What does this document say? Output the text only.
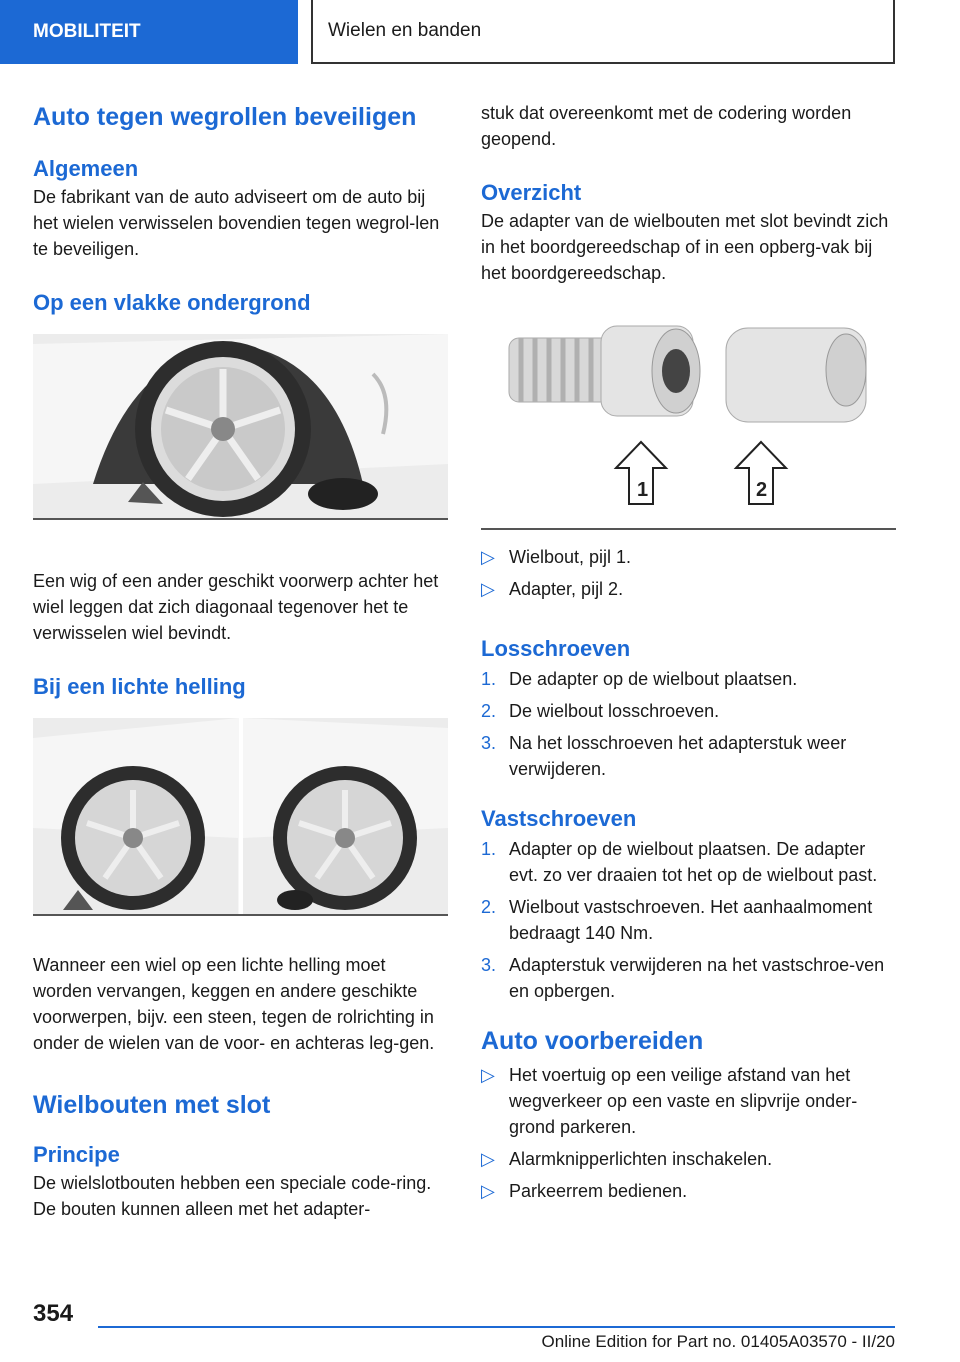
MOBILITEIT	Wielen en banden
Auto tegen wegrollen beveiligen
Algemeen

De fabrikant van de auto adviseert om de auto bij het wielen verwisselen bovendien tegen wegrol‐len te beveiligen.

Op een vlakke ondergrond

Een wig of een ander geschikt voorwerp achter het wiel leggen dat zich diagonaal tegenover het te verwisselen wiel bevindt.

Bij een lichte helling

Wanneer een wiel op een lichte helling moet worden vervangen, keggen en andere geschikte voorwerpen, bijv. een steen, tegen de rolrichting in onder de wielen van de voor- en achteras leg‐gen.

Wielbouten met slot
Principe

De wielslotbouten hebben een speciale code‐ring. De bouten kunnen alleen met het adapter‐

stuk dat overeenkomt met de codering worden geopend.

Overzicht

De adapter van de wielbouten met slot bevindt zich in het boordgereedschap of in een opberg‐vak bij het boordgereedschap.

1	2
▷ Wielbout, pijl 1.
▷ Adapter, pijl 2.
Losschroeven
1. De adapter op de wielbout plaatsen.
2. De wielbout losschroeven.
3. Na het losschroeven het adapterstuk weer verwijderen.
Vastschroeven
1. Adapter op de wielbout plaatsen. De adapter evt. zo ver draaien tot het op de wielbout past.
2. Wielbout vastschroeven. Het aanhaalmoment bedraagt 140 Nm.
3. Adapterstuk verwijderen na het vastschroe‐ven en opbergen.
Auto voorbereiden
▷ Het voertuig op een veilige afstand van het wegverkeer op een vaste en slipvrije onder‐grond parkeren.
▷ Alarmknipperlichten inschakelen.
▷ Parkeerrem bedienen.
354
Online Edition for Part no. 01405A03570 - II/20
